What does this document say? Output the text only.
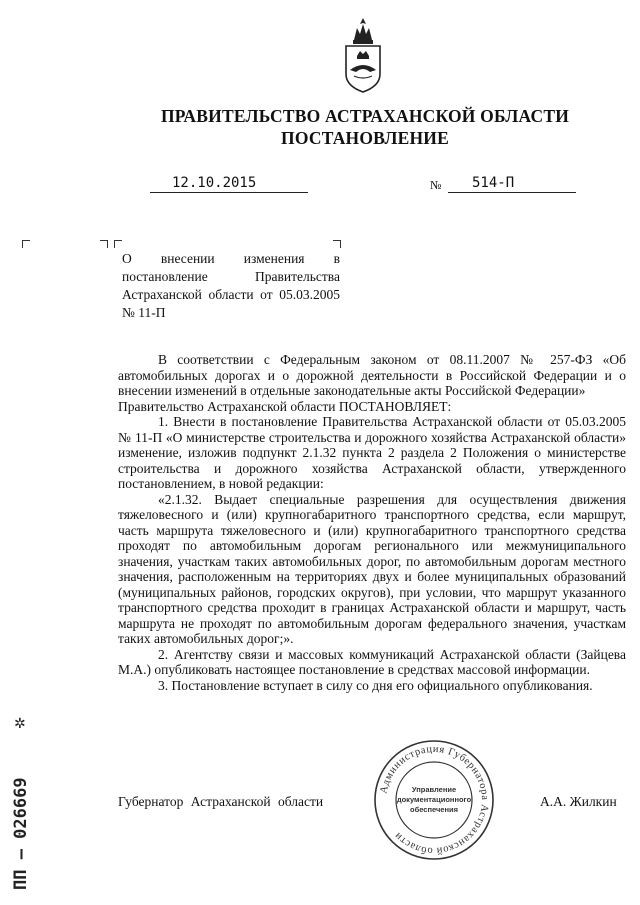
ПРАВИТЕЛЬСТВО АСТРАХАНСКОЙ ОБЛАСТИ
ПОСТАНОВЛЕНИЕ
12.10.2015	№ 514-П
О внесении изменения в постановление Правительства Астраханской области от 05.03.2005 № 11-П

В соответствии с Федеральным законом от 08.11.2007 № 257-ФЗ «Об автомобильных дорогах и о дорожной деятельности в Российской Федерации и о внесении изменений в отдельные законодательные акты Российской Федерации»

Правительство Астраханской области ПОСТАНОВЛЯЕТ:

1. Внести в постановление Правительства Астраханской области от 05.03.2005 № 11-П «О министерстве строительства и дорожного хозяйства Астраханской области» изменение, изложив подпункт 2.1.32 пункта 2 раздела 2 Положения о министерстве строительства и дорожного хозяйства Астраханской области, утвержденного постановлением, в новой редакции:

«2.1.32. Выдает специальные разрешения для осуществления движения тяжеловесного и (или) крупногабаритного транспортного средства, если маршрут, часть маршрута тяжеловесного и (или) крупногабаритного транспортного средства проходят по автомобильным дорогам регионального или межмуниципального значения, участкам таких автомобильных дорог, по автомобильным дорогам местного значения, расположенным на территориях двух и более муниципальных образований (муниципальных районов, городских округов), при условии, что маршрут указанного транспортного средства проходит в границах Астраханской области и маршрут, часть маршрута не проходят по автомобильным дорогам федерального значения, участкам таких автомобильных дорог;».

2. Агентству связи и массовых коммуникаций Астраханской области (Зайцева М.А.) опубликовать настоящее постановление в средствах массовой информации.

3. Постановление вступает в силу со дня его официального опубликования.

Губернатор Астраханской области	А.А. Жилкин
Администрация Губернатора Астраханской области
Управление
документационного
обеспечения
✲
ПП – 026669
